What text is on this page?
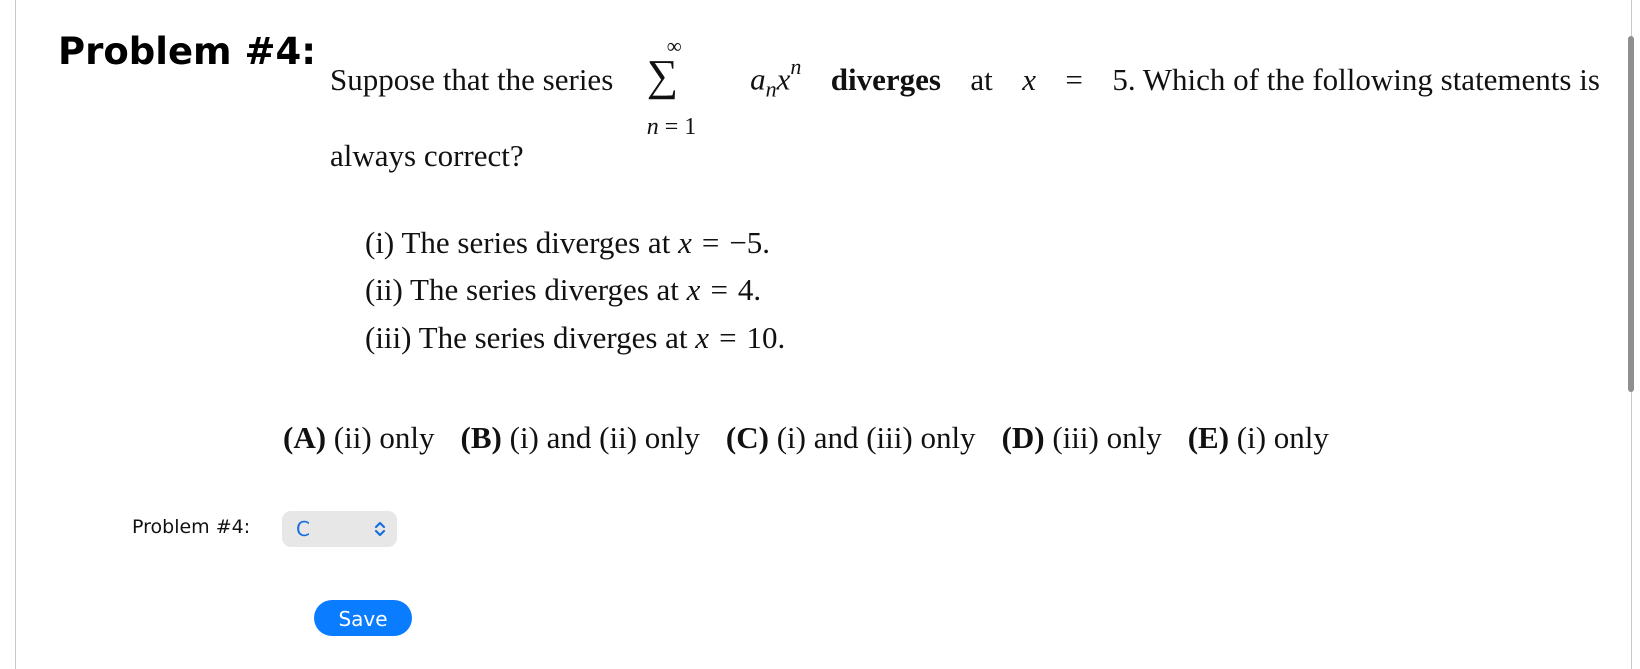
Problem #4:
Suppose that the series
∞
∑
n = 1
$a_nx^n$ diverges at x = 5. Which of the following statements is
always correct?
(i) The series diverges at x = −5.
(ii) The series diverges at x = 4.
(iii) The series diverges at x = 10.
(A) (ii) only (B) (i) and (ii) only (C) (i) and (iii) only (D) (iii) only (E) (i) only
Problem #4:	C
Save
